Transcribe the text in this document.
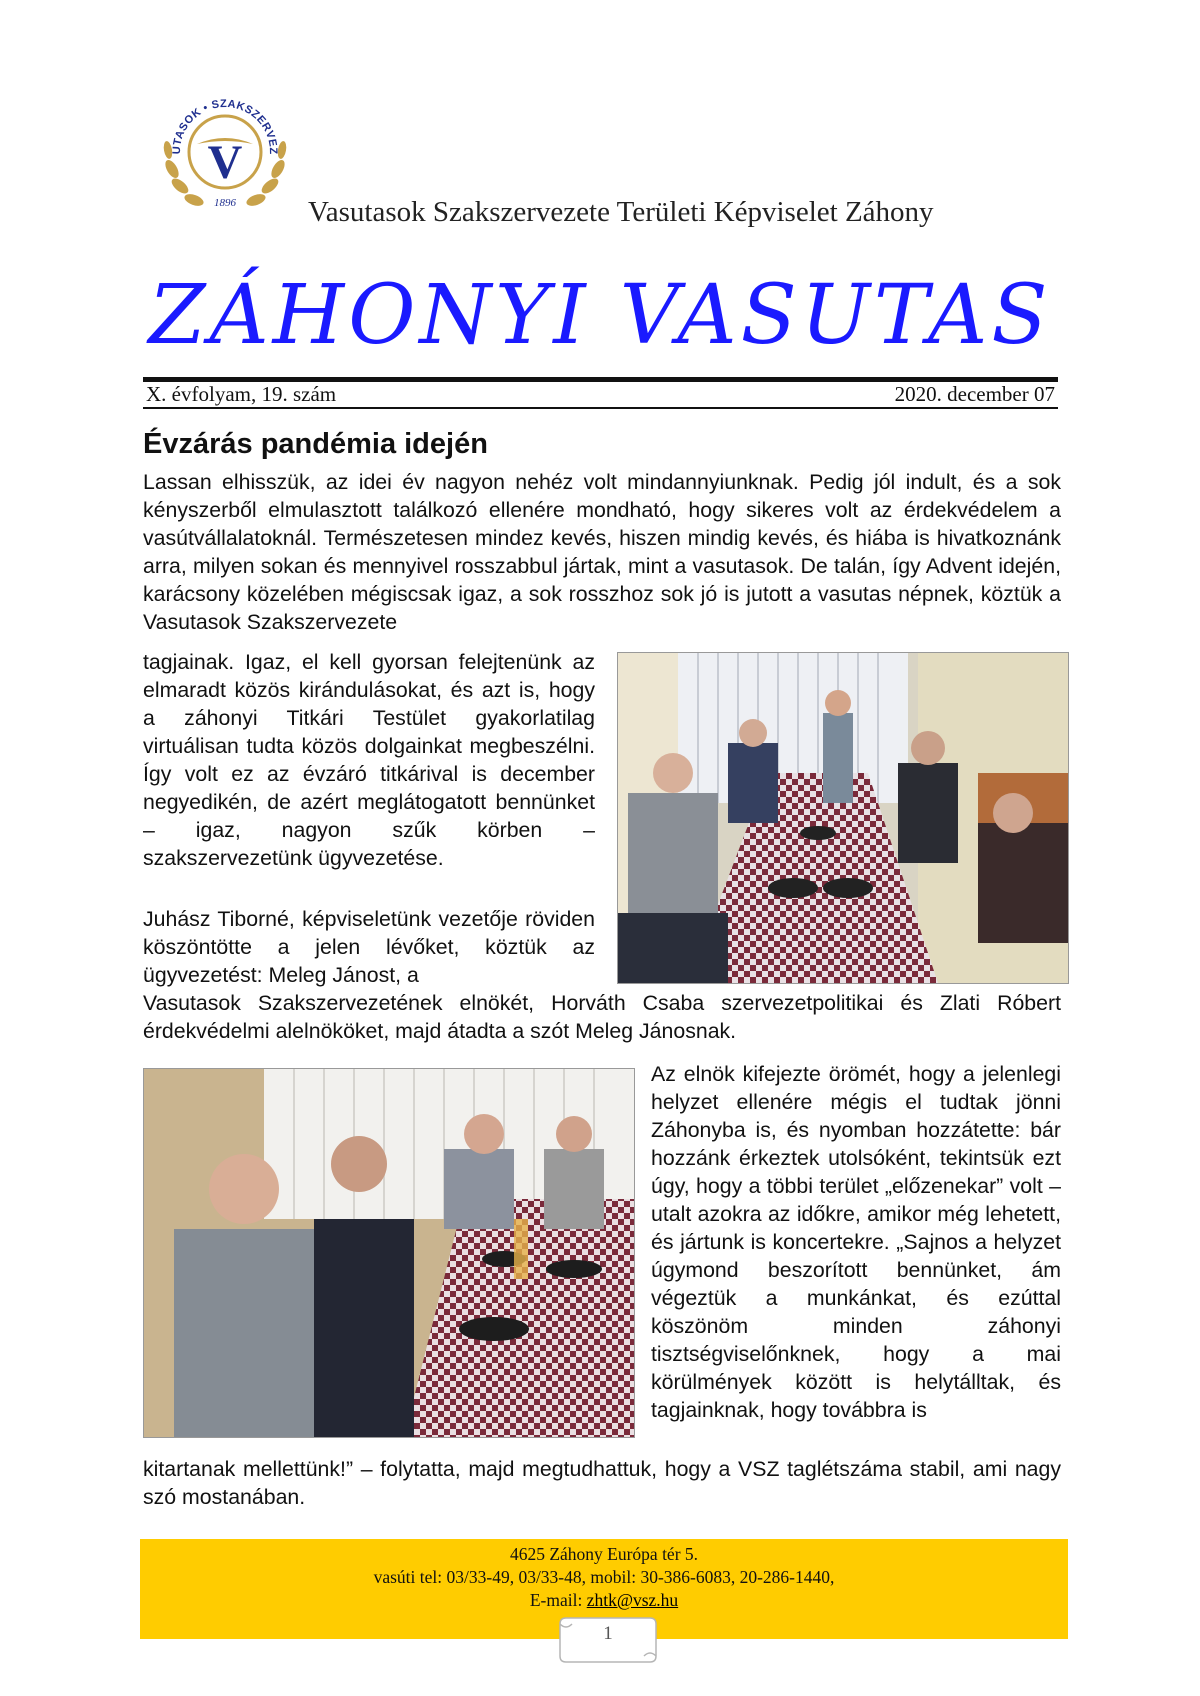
UTASOK • SZAKSZERVEZ
V
1896 Vasutasok Szakszervezete Területi Képviselet Záhony
ZÁHONYI VASUTAS
X. évfolyam, 19. szám	2020. december 07
Évzárás pandémia idején

Lassan elhisszük, az idei év nagyon nehéz volt mindannyiunknak. Pedig jól indult, és a sok kényszerből elmulasztott találkozó ellenére mondható, hogy sikeres volt az érdekvédelem a vasútvállalatoknál. Természetesen mindez kevés, hiszen mindig kevés, és hiába is hivatkoznánk arra, milyen sokan és mennyivel rosszabbul jártak, mint a vasutasok. De talán, így Advent idején, karácsony közelében mégiscsak igaz, a sok rosszhoz sok jó is jutott a vasutas népnek, köztük a Vasutasok Szakszervezete

tagjainak. Igaz, el kell gyorsan felejtenünk az elmaradt közös kirándulásokat, és azt is, hogy a záhonyi Titkári Testület gyakorlatilag virtuálisan tudta közös dolgainkat megbeszélni. Így volt ez az évzáró titkárival is december negyedikén, de azért meglátogatott bennünket – igaz, nagyon szűk körben – szakszervezetünk ügyvezetése.

Juhász Tiborné, képviseletünk vezetője röviden köszöntötte a jelen lévőket, köztük az ügyvezetést: Meleg Jánost, a

Vasutasok Szakszervezetének elnökét, Horváth Csaba szervezetpolitikai és Zlati Róbert érdekvédelmi alelnököket, majd átadta a szót Meleg Jánosnak.

Az elnök kifejezte örömét, hogy a jelenlegi helyzet ellenére mégis el tudtak jönni Záhonyba is, és nyomban hozzátette: bár hozzánk érkeztek utolsóként, tekintsük ezt úgy, hogy a többi terület „előzenekar” volt – utalt azokra az időkre, amikor még lehetett, és jártunk is koncertekre. „Sajnos a helyzet úgymond beszorított bennünket, ám végeztük a munkánkat, és ezúttal köszönöm minden záhonyi tisztségviselőnknek, hogy a mai körülmények között is helytálltak, és tagjainknak, hogy továbbra is

kitartanak mellettünk!” – folytatta, majd megtudhattuk, hogy a VSZ taglétszáma stabil, ami nagy szó mostanában.

4625 Záhony Európa tér 5.
vasúti tel: 03/33-49, 03/33-48, mobil: 30-386-6083, 20-286-1440,
E-mail: zhtk@vsz.hu
1
